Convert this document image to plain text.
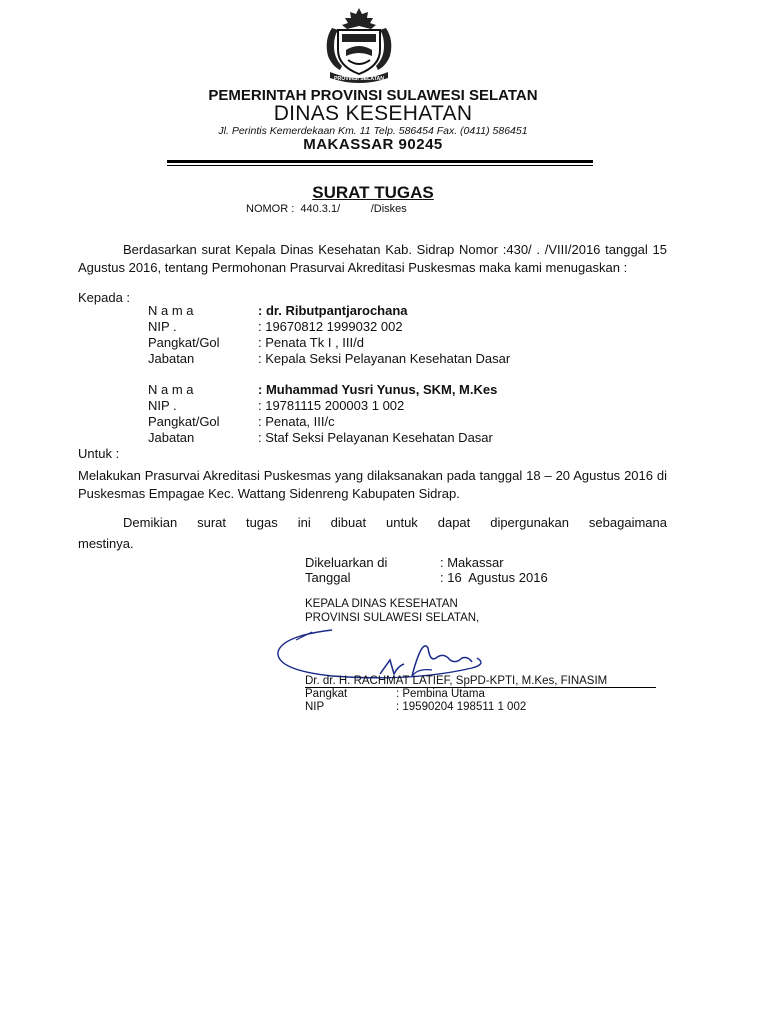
PROVINSI SELATAN
PEMERINTAH PROVINSI SULAWESI SELATAN
DINAS KESEHATAN
Jl. Perintis Kemerdekaan Km. 11 Telp. 586454 Fax. (0411) 586451
MAKASSAR 90245
SURAT TUGAS
NOMOR :  440.3.1/          /Diskes
Berdasarkan surat Kepala Dinas Kesehatan Kab. Sidrap Nomor :430/ . /VIII/2016 tanggal 15 Agustus 2016, tentang Permohonan Prasurvai Akreditasi Puskesmas maka kami menugaskan :
Kepada :
N a m a	: dr. Ributpantjarochana
NIP .	: 19670812 1999032 002
Pangkat/Gol	: Penata Tk I , III/d
Jabatan	: Kepala Seksi Pelayanan Kesehatan Dasar
N a m a	: Muhammad Yusri Yunus, SKM, M.Kes
NIP .	: 19781115 200003 1 002
Pangkat/Gol	: Penata, III/c
Jabatan	: Staf Seksi Pelayanan Kesehatan Dasar
Untuk :
Melakukan Prasurvai Akreditasi Puskesmas yang dilaksanakan pada tanggal 18 – 20 Agustus 2016 di Puskesmas Empagae Kec. Wattang Sidenreng Kabupaten Sidrap.
Demikian surat tugas ini dibuat untuk dapat dipergunakan sebagaimana
mestinya.
Dikeluarkan di	: Makassar
Tanggal	: 16  Agustus 2016
KEPALA DINAS KESEHATAN
PROVINSI SULAWESI SELATAN,
Dr. dr. H. RACHMAT LATIEF, SpPD-KPTI, M.Kes, FINASIM
Pangkat	: Pembina Utama
NIP	: 19590204 198511 1 002
